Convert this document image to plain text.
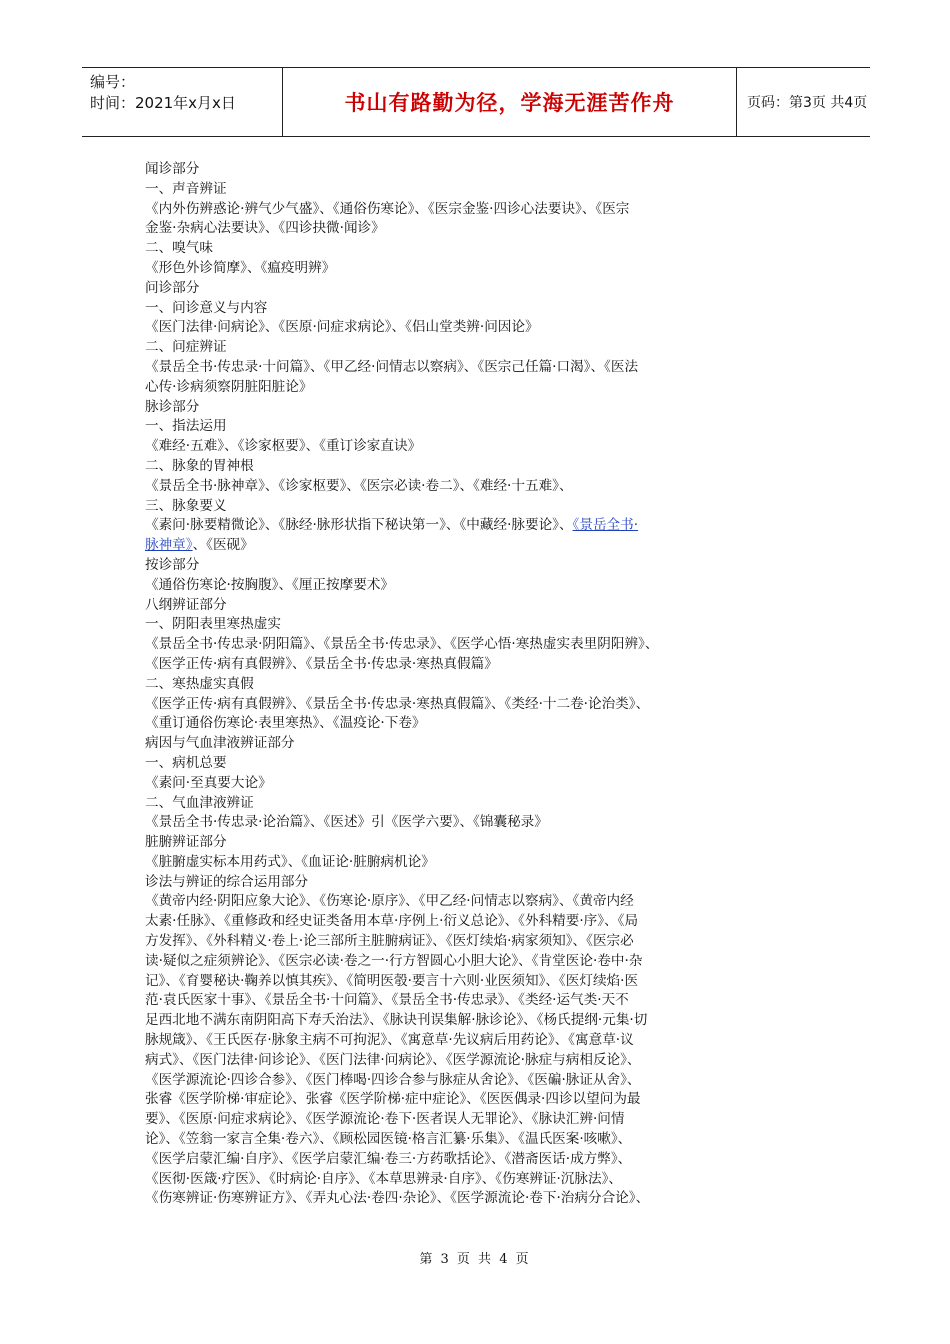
编号：
时间：2021年x月x日	书山有路勤为径，学海无涯苦作舟	页码：第3页 共4页
闻诊部分
一、声音辨证
《内外伤辨惑论·辨气少气盛》、《通俗伤寒论》、《医宗金鉴·四诊心法要诀》、《医宗
金鉴·杂病心法要诀》、《四诊抉微·闻诊》
二、嗅气味
《形色外诊简摩》、《瘟疫明辨》
问诊部分
一、问诊意义与内容
《医门法律·问病论》、《医原·问症求病论》、《侣山堂类辨·问因论》
二、问症辨证
《景岳全书·传忠录·十问篇》、《甲乙经·问情志以察病》、《医宗己任篇·口渴》、《医法
心传·诊病须察阴脏阳脏论》
脉诊部分
一、指法运用
《难经·五难》、《诊家枢要》、《重订诊家直诀》
二、脉象的胃神根
《景岳全书·脉神章》、《诊家枢要》、《医宗必读·卷二》、《难经·十五难》、
三、脉象要义
《素问·脉要精微论》、《脉经·脉形状指下秘诀第一》、《中藏经·脉要论》、《景岳全书·
脉神章》、《医砚》
按诊部分
《通俗伤寒论·按胸腹》、《厘正按摩要术》
八纲辨证部分
一、阴阳表里寒热虚实
《景岳全书·传忠录·阴阳篇》、《景岳全书·传忠录》、《医学心悟·寒热虚实表里阴阳辨》、
《医学正传·病有真假辨》、《景岳全书·传忠录·寒热真假篇》
二、寒热虚实真假
《医学正传·病有真假辨》、《景岳全书·传忠录·寒热真假篇》、《类经·十二卷·论治类》、
《重订通俗伤寒论·表里寒热》、《温疫论·下卷》
病因与气血津液辨证部分
一、病机总要
《素问·至真要大论》
二、气血津液辨证
《景岳全书·传忠录·论治篇》、《医述》引《医学六要》、《锦囊秘录》
脏腑辨证部分
《脏腑虚实标本用药式》、《血证论·脏腑病机论》
诊法与辨证的综合运用部分
《黄帝内经·阴阳应象大论》、《伤寒论·原序》、《甲乙经·问情志以察病》、《黄帝内经
太素·任脉》、《重修政和经史证类备用本草·序例上·衍义总论》、《外科精要·序》、《局
方发挥》、《外科精义·卷上·论三部所主脏腑病证》、《医灯续焰·病家须知》、《医宗必
读·疑似之症须辨论》、《医宗必读·卷之一·行方智圆心小胆大论》、《肯堂医论·卷中·杂
记》、《育婴秘诀·鞠养以慎其疾》、《简明医彀·要言十六则·业医须知》、《医灯续焰·医
范·袁氏医家十事》、《景岳全书·十问篇》、《景岳全书·传忠录》、《类经·运气类·天不
足西北地不满东南阴阳高下寿夭治法》、《脉诀刊误集解·脉诊论》、《杨氏提纲·元集·切
脉规箴》、《王氏医存·脉象主病不可拘泥》、《寓意草·先议病后用药论》、《寓意草·议
病式》、《医门法律·问诊论》、《医门法律·问病论》、《医学源流论·脉症与病相反论》、
《医学源流论·四诊合参》、《医门棒喝·四诊合参与脉症从舍论》、《医碥·脉证从舍》、
张睿《医学阶梯·审症论》、张睿《医学阶梯·症中症论》、《医医偶录·四诊以望问为最
要》、《医原·问症求病论》、《医学源流论·卷下·医者误人无罪论》、《脉诀汇辨·问情
论》、《笠翁一家言全集·卷六》、《顾松园医镜·格言汇纂·乐集》、《温氏医案·咳嗽》、
《医学启蒙汇编·自序》、《医学启蒙汇编·卷三·方药歌括论》、《潜斋医话·成方弊》、
《医彻·医箴·疗医》、《时病论·自序》、《本草思辨录·自序》、《伤寒辨证·沉脉法》、
《伤寒辨证·伤寒辨证方》、《弄丸心法·卷四·杂论》、《医学源流论·卷下·治病分合论》、
第 3 页 共 4 页
